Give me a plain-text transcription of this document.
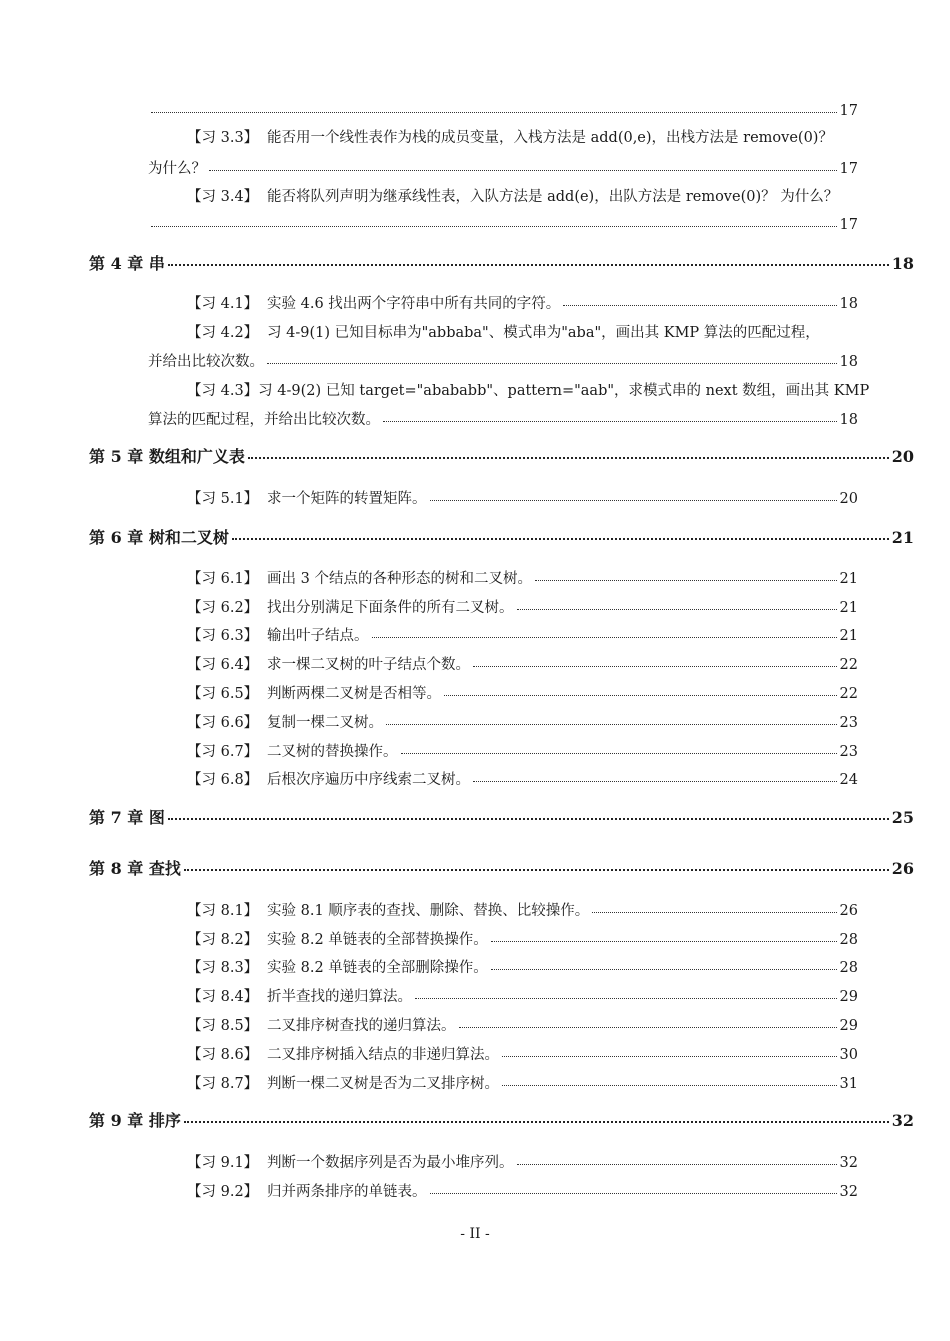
17
【习 3.3】 能否用一个线性表作为栈的成员变量，入栈方法是 add(0,e)，出栈方法是 remove(0)？
为什么？	17
【习 3.4】 能否将队列声明为继承线性表，入队方法是 add(e)，出队方法是 remove(0)？ 为什么？
17
第 4 章 串	18
【习 4.1】 实验 4.6 找出两个字符串中所有共同的字符。	18
【习 4.2】 习 4-9(1) 已知目标串为"abbaba"、模式串为"aba"，画出其 KMP 算法的匹配过程，
并给出比较次数。	18
【习 4.3】 习 4-9(2) 已知 target="abababb"、pattern="aab"，求模式串的 next 数组，画出其 KMP
算法的匹配过程，并给出比较次数。	18
第 5 章 数组和广义表	20
【习 5.1】 求一个矩阵的转置矩阵。	20
第 6 章 树和二叉树	21
【习 6.1】 画出 3 个结点的各种形态的树和二叉树。	21
【习 6.2】 找出分别满足下面条件的所有二叉树。	21
【习 6.3】 输出叶子结点。	21
【习 6.4】 求一棵二叉树的叶子结点个数。	22
【习 6.5】 判断两棵二叉树是否相等。	22
【习 6.6】 复制一棵二叉树。	23
【习 6.7】 二叉树的替换操作。	23
【习 6.8】 后根次序遍历中序线索二叉树。	24
第 7 章 图	25
第 8 章 查找	26
【习 8.1】 实验 8.1 顺序表的查找、删除、替换、比较操作。	26
【习 8.2】 实验 8.2 单链表的全部替换操作。	28
【习 8.3】 实验 8.2 单链表的全部删除操作。	28
【习 8.4】 折半查找的递归算法。	29
【习 8.5】 二叉排序树查找的递归算法。	29
【习 8.6】 二叉排序树插入结点的非递归算法。	30
【习 8.7】 判断一棵二叉树是否为二叉排序树。	31
第 9 章 排序	32
【习 9.1】 判断一个数据序列是否为最小堆序列。	32
【习 9.2】 归并两条排序的单链表。	32
- II -
